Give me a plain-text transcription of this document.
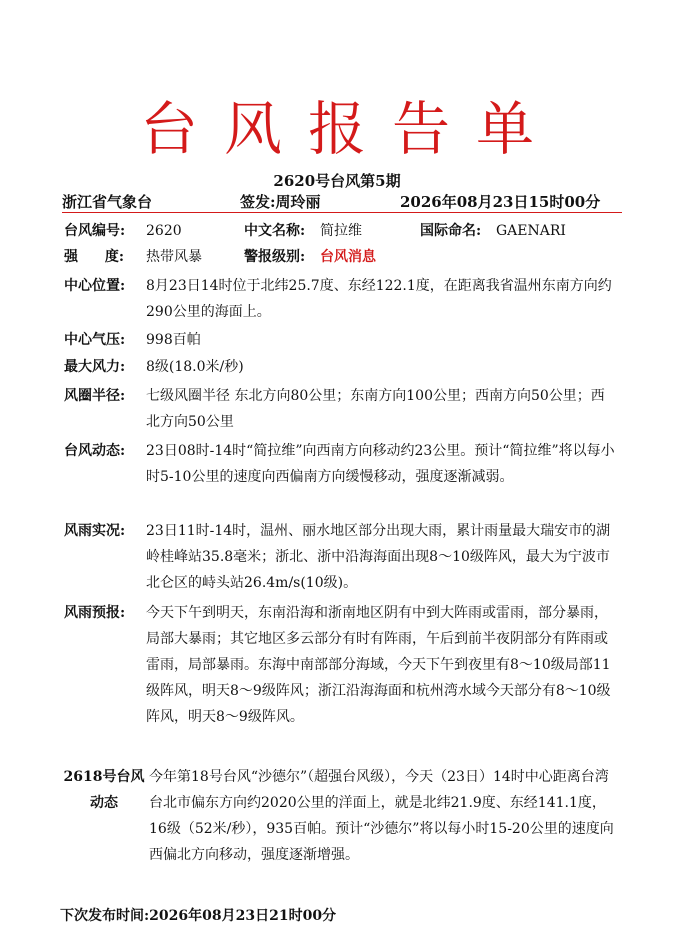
台风报告单
2620号台风第5期
浙江省气象台	签发:周玲丽	2026年08月23日15时00分
台风编号: 2620	中文名称: 简拉维	国际命名: GAENARI
强 度: 热带风暴	警报级别: 台风消息
中心位置: 8月23日14时位于北纬25.7度、东经122.1度，在距离我省温州东南方向约290公里的海面上。
中心气压: 998百帕
最大风力: 8级(18.0米/秒)
风圈半径: 七级风圈半径 东北方向80公里；东南方向100公里；西南方向50公里；西北方向50公里
台风动态: 23日08时-14时“简拉维”向西南方向移动约23公里。预计“简拉维”将以每小时5-10公里的速度向西偏南方向缓慢移动，强度逐渐减弱。
风雨实况: 23日11时-14时，温州、丽水地区部分出现大雨，累计雨量最大瑞安市的湖岭桂峰站35.8毫米；浙北、浙中沿海海面出现8～10级阵风，最大为宁波市北仑区的峙头站26.4m/s(10级)。
风雨预报: 今天下午到明天，东南沿海和浙南地区阴有中到大阵雨或雷雨，部分暴雨，局部大暴雨；其它地区多云部分有时有阵雨，午后到前半夜阴部分有阵雨或雷雨，局部暴雨。东海中南部部分海域，今天下午到夜里有8～10级局部11级阵风，明天8～9级阵风；浙江沿海海面和杭州湾水域今天部分有8～10级阵风，明天8～9级阵风。
2618号台风
动态
今年第18号台风“沙德尔”（超强台风级），今天（23日）14时中心距离台湾台北市偏东方向约2020公里的洋面上，就是北纬21.9度、东经141.1度，16级（52米/秒），935百帕。预计“沙德尔”将以每小时15-20公里的速度向西偏北方向移动，强度逐渐增强。
下次发布时间:2026年08月23日21时00分
